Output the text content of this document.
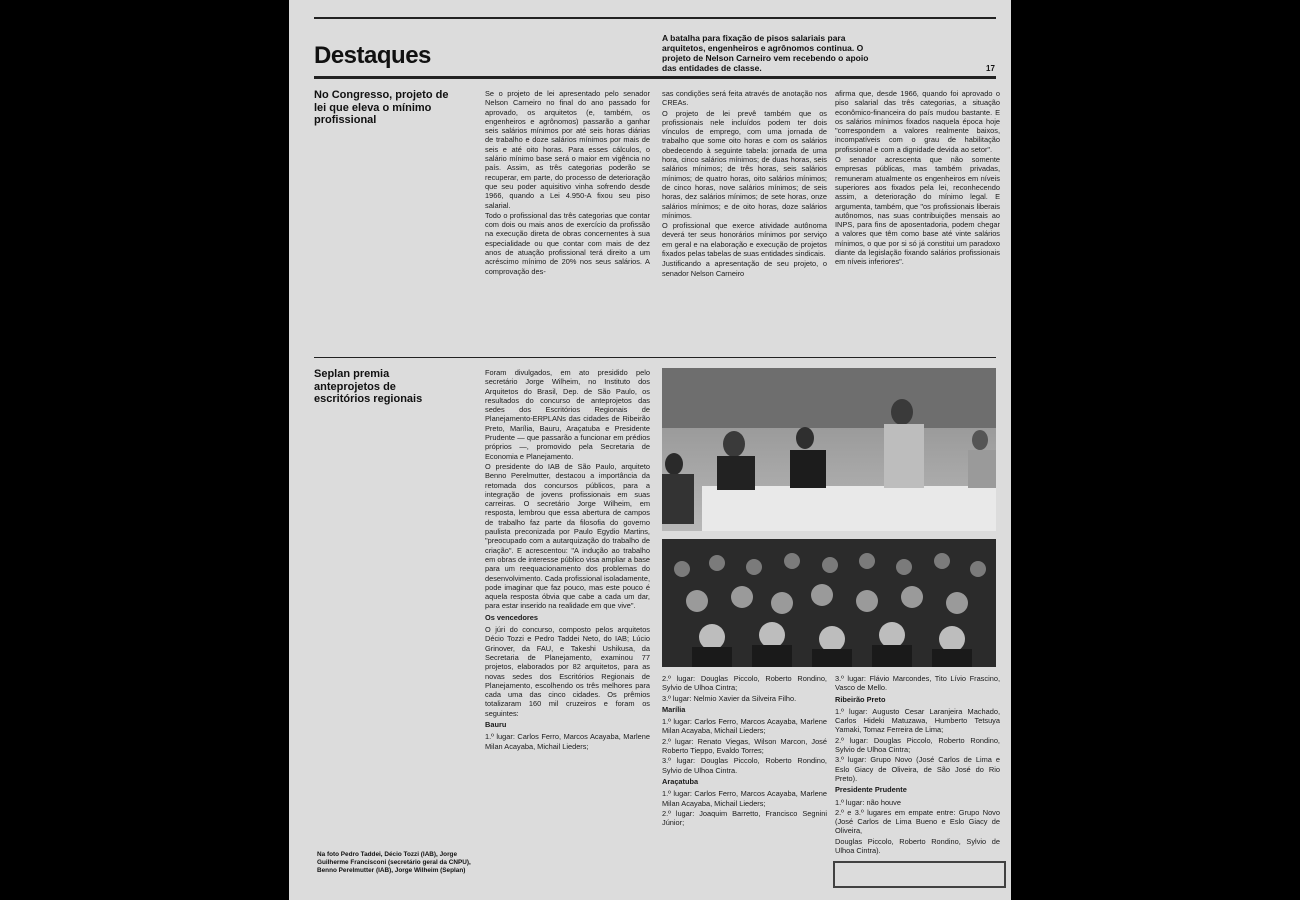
Destaques
A batalha para fixação de pisos salariais para arquitetos, engenheiros e agrônomos continua. O projeto de Nelson Carneiro vem recebendo o apoio das entidades de classe.	17
No Congresso, projeto de lei que eleva o mínimo profissional

Se o projeto de lei apresentado pelo senador Nelson Carneiro no final do ano passado for aprovado, os arquitetos (e, também, os engenheiros e agrônomos) passarão a ganhar seis salários mínimos por até seis horas diárias de trabalho e doze salários mínimos por mais de seis e até oito horas. Para esses cálculos, o salário mínimo base será o maior em vigência no país. Assim, as três categorias poderão se recuperar, em parte, do processo de deterioração que seu poder aquisitivo vinha sofrendo desde 1966, quando a Lei 4.950-A fixou seu piso salarial.

Todo o profissional das três categorias que contar com dois ou mais anos de exercício da profissão na execução direta de obras concernentes à sua especialidade ou que contar com mais de dez anos de atuação profissional terá direito a um acréscimo mínimo de 20% nos seus salários. A comprovação des-

sas condições será feita através de anotação nos CREAs.

O projeto de lei prevê também que os profissionais nele incluídos podem ter dois vínculos de emprego, com uma jornada de trabalho que some oito horas e com os salários obedecendo à seguinte tabela: jornada de uma hora, cinco salários mínimos; de duas horas, seis salários mínimos; de três horas, seis salários mínimos; de quatro horas, oito salários mínimos; de cinco horas, nove salários mínimos; de seis horas, dez salários mínimos; de sete horas, onze salários mínimos; e de oito horas, doze salários mínimos.

O profissional que exerce atividade autônoma deverá ter seus honorários mínimos por serviço em geral e na elaboração e execução de projetos fixados pelas tabelas de suas entidades sindicais.

Justificando a apresentação de seu projeto, o senador Nelson Carneiro

afirma que, desde 1966, quando foi aprovado o piso salarial das três categorias, a situação econômico-financeira do país mudou bastante. E os salários mínimos fixados naquela época hoje "correspondem a valores realmente baixos, incompatíveis com o grau de habilitação profissional e com a dignidade devida ao setor".

O senador acrescenta que não somente empresas públicas, mas também privadas, remuneram atualmente os engenheiros em níveis superiores aos fixados pela lei, reconhecendo assim, a deterioração do mínimo legal. E argumenta, também, que "os profissionais liberais autônomos, nas suas contribuições mensais ao INPS, para fins de aposentadoria, podem chegar a valores que têm como base até vinte salários mínimos, o que por si só já constitui um paradoxo diante da legislação fixando salários profissionais em níveis inferiores".

Seplan premia anteprojetos de escritórios regionais

Foram divulgados, em ato presidido pelo secretário Jorge Wilheim, no Instituto dos Arquitetos do Brasil, Dep. de São Paulo, os resultados do concurso de anteprojetos das sedes dos Escritórios Regionais de Planejamento-ERPLANs das cidades de Ribeirão Preto, Marília, Bauru, Araçatuba e Presidente Prudente — que passarão a funcionar em prédios próprios —, promovido pela Secretaria de Economia e Planejamento.

O presidente do IAB de São Paulo, arquiteto Benno Perelmutter, destacou a importância da retomada dos concursos públicos, para a integração de jovens profissionais em suas carreiras. O secretário Jorge Wilheim, em resposta, lembrou que essa abertura de campos de trabalho faz parte da filosofia do governo paulista preconizada por Paulo Egydio Martins, "preocupado com a autarquização do trabalho de criação". E acrescentou: "A indução ao trabalho em obras de interesse público visa ampliar a base para um reequacionamento dos problemas do desenvolvimento. Cada profissional isoladamente, pode imaginar que faz pouco, mas este pouco é aquela resposta óbvia que cabe a cada um dar, para estar inserido na realidade em que vive".

Os vencedores

O júri do concurso, composto pelos arquitetos Décio Tozzi e Pedro Taddei Neto, do IAB; Lúcio Grinover, da FAU, e Takeshi Ushikusa, da Secretaria de Planejamento, examinou 77 projetos, elaborados por 82 arquitetos, para as novas sedes dos Escritórios Regionais de Planejamento, escolhendo os três melhores para cada uma das cinco cidades. Os prêmios totalizaram 160 mil cruzeiros e foram os seguintes:

Bauru
1.º lugar: Carlos Ferro, Marcos Acayaba, Marlene Milan Acayaba, Michail Lieders;
2.º lugar: Douglas Piccolo, Roberto Rondino, Sylvio de Ulhoa Cintra;
3.º lugar: Nelmio Xavier da Silveira Filho.
Marília
1.º lugar: Carlos Ferro, Marcos Acayaba, Marlene Milan Acayaba, Michail Lieders;
2.º lugar: Renato Viegas, Wilson Marcon, José Roberto Tieppo, Evaldo Torres;
3.º lugar: Douglas Piccolo, Roberto Rondino, Sylvio de Ulhoa Cintra.
Araçatuba
1.º lugar: Carlos Ferro, Marcos Acayaba, Marlene Milan Acayaba, Michail Lieders;
2.º lugar: Joaquim Barretto, Francisco Segnini Júnior;
3.º lugar: Flávio Marcondes, Tito Lívio Frascino, Vasco de Mello.
Ribeirão Preto
1.º lugar: Augusto Cesar Laranjeira Machado, Carlos Hideki Matuzawa, Humberto Tetsuya Yamaki, Tomaz Ferreira de Lima;
2.º lugar: Douglas Piccolo, Roberto Rondino, Sylvio de Ulhoa Cintra;
3.º lugar: Grupo Novo (José Carlos de Lima e Eslo Giacy de Oliveira, de São José do Rio Preto).
Presidente Prudente
1.º lugar: não houve
2.º e 3.º lugares em empate entre: Grupo Novo (José Carlos de Lima Bueno e Eslo Giacy de Oliveira,
Douglas Piccolo, Roberto Rondino, Sylvio de Ulhoa Cintra).
Na foto Pedro Taddei, Décio Tozzi (IAB), Jorge Guilherme Francisconi (secretário geral da CNPU), Benno Perelmutter (IAB), Jorge Wilheim (Seplan)
